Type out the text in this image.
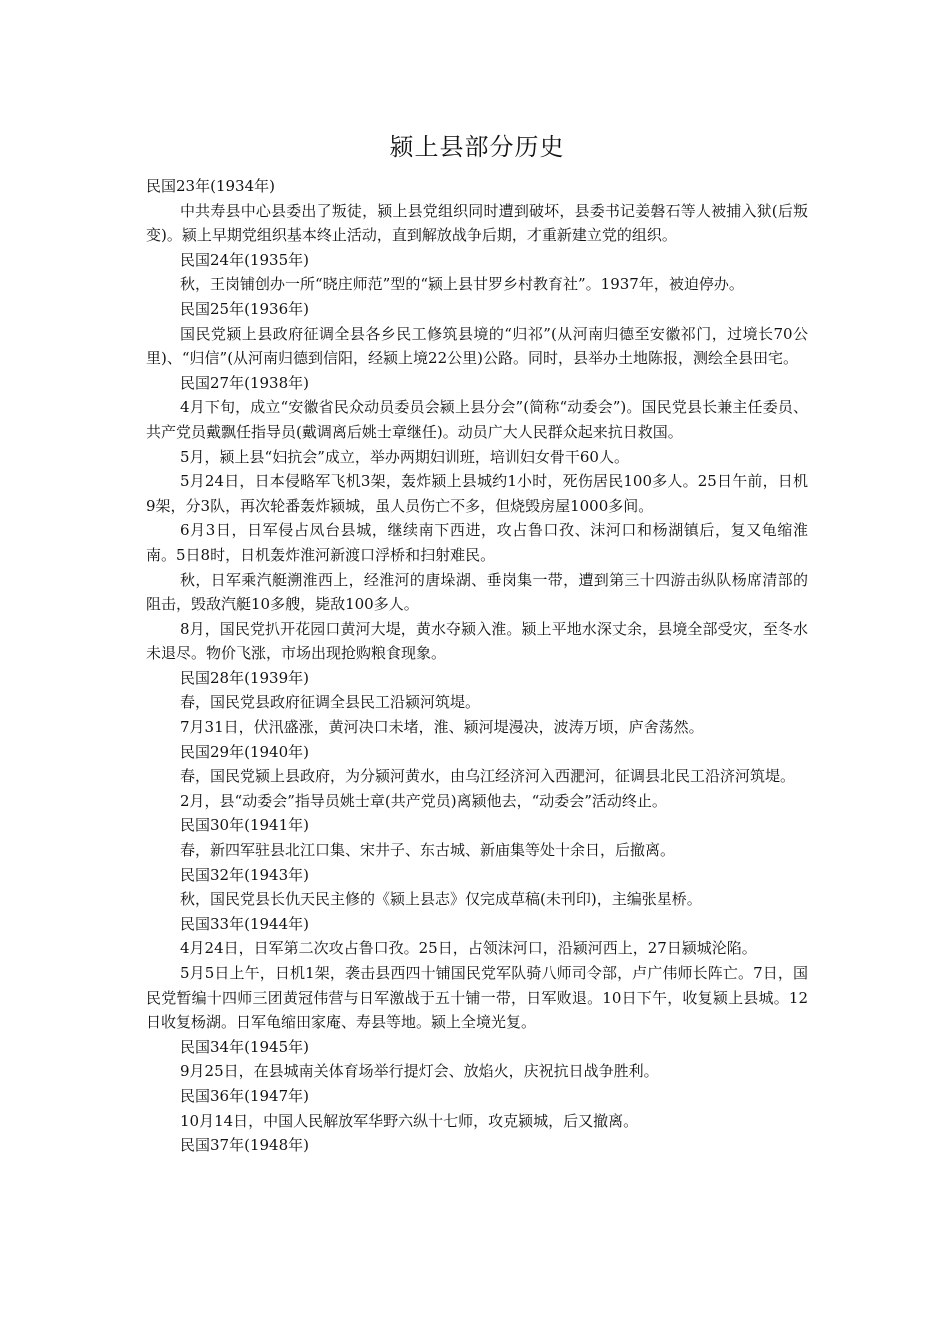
颍上县部分历史

民国23年(1934年)

中共寿县中心县委出了叛徒，颍上县党组织同时遭到破坏，县委书记姜磐石等人被捕入狱(后叛变)。颍上早期党组织基本终止活动，直到解放战争后期，才重新建立党的组织。

民国24年(1935年)

秋，王岗铺创办一所“晓庄师范”型的“颍上县甘罗乡村教育社”。1937年，被迫停办。

民国25年(1936年)

国民党颍上县政府征调全县各乡民工修筑县境的“归祁”(从河南归德至安徽祁门，过境长70公里)、“归信”(从河南归德到信阳，经颍上境22公里)公路。同时，县举办土地陈报，测绘全县田宅。

民国27年(1938年)

4月下旬，成立“安徽省民众动员委员会颍上县分会”(简称“动委会”)。国民党县长兼主任委员、共产党员戴飘任指导员(戴调离后姚士章继任)。动员广大人民群众起来抗日救国。

5月，颍上县“妇抗会”成立，举办两期妇训班，培训妇女骨干60人。

5月24日，日本侵略军飞机3架，轰炸颍上县城约1小时，死伤居民100多人。25日午前，日机9架，分3队，再次轮番轰炸颍城，虽人员伤亡不多，但烧毁房屋1000多间。

6月3日，日军侵占凤台县城，继续南下西进，攻占鲁口孜、沫河口和杨湖镇后，复又龟缩淮南。5日8时，日机轰炸淮河新渡口浮桥和扫射难民。

秋，日军乘汽艇溯淮西上，经淮河的唐垛湖、垂岗集一带，遭到第三十四游击纵队杨席清部的阻击，毁敌汽艇10多艘，毙敌100多人。

8月，国民党扒开花园口黄河大堤，黄水夺颍入淮。颍上平地水深丈余，县境全部受灾，至冬水未退尽。物价飞涨，市场出现抢购粮食现象。

民国28年(1939年)

春，国民党县政府征调全县民工沿颍河筑堤。

7月31日，伏汛盛涨，黄河决口未堵，淮、颍河堤漫决，波涛万顷，庐舍荡然。

民国29年(1940年)

春，国民党颍上县政府，为分颍河黄水，由乌江经济河入西淝河，征调县北民工沿济河筑堤。

2月，县“动委会”指导员姚士章(共产党员)离颍他去，“动委会”活动终止。

民国30年(1941年)

春，新四军驻县北江口集、宋井子、东古城、新庙集等处十余日，后撤离。

民国32年(1943年)

秋，国民党县长仇天民主修的《颍上县志》仅完成草稿(未刊印)，主编张星桥。

民国33年(1944年)

4月24日，日军第二次攻占鲁口孜。25日，占领沫河口，沿颍河西上，27日颍城沦陷。

5月5日上午，日机1架，袭击县西四十铺国民党军队骑八师司令部，卢广伟师长阵亡。7日，国民党暂编十四师三团黄冠伟营与日军激战于五十铺一带，日军败退。10日下午，收复颍上县城。12日收复杨湖。日军龟缩田家庵、寿县等地。颍上全境光复。

民国34年(1945年)

9月25日，在县城南关体育场举行提灯会、放焰火，庆祝抗日战争胜利。

民国36年(1947年)

10月14日，中国人民解放军华野六纵十七师，攻克颍城，后又撤离。

民国37年(1948年)
